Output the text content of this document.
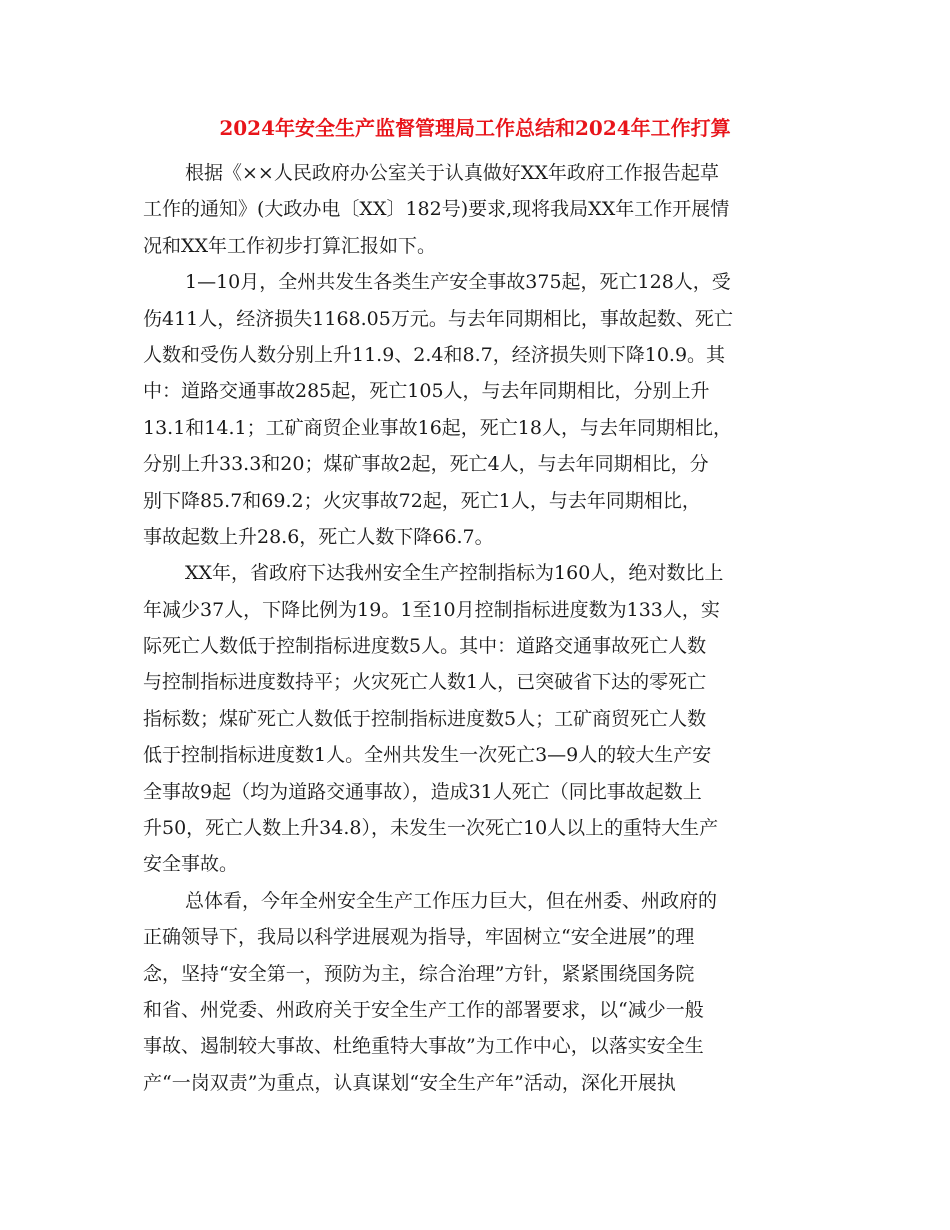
2024年安全生产监督管理局工作总结和2024年工作打算
根据《××人民政府办公室关于认真做好XX年政府工作报告起草
工作的通知》(大政办电〔XX〕182号)要求,现将我局XX年工作开展情
况和XX年工作初步打算汇报如下。
1—10月，全州共发生各类生产安全事故375起，死亡128人，受
伤411人，经济损失1168.05万元。与去年同期相比，事故起数、死亡
人数和受伤人数分别上升11.9、2.4和8.7，经济损失则下降10.9。其
中：道路交通事故285起，死亡105人，与去年同期相比，分别上升
13.1和14.1；工矿商贸企业事故16起，死亡18人，与去年同期相比，
分别上升33.3和20；煤矿事故2起，死亡4人，与去年同期相比，分
别下降85.7和69.2；火灾事故72起，死亡1人，与去年同期相比，
事故起数上升28.6，死亡人数下降66.7。
XX年，省政府下达我州安全生产控制指标为160人，绝对数比上
年减少37人，下降比例为19。1至10月控制指标进度数为133人，实
际死亡人数低于控制指标进度数5人。其中：道路交通事故死亡人数
与控制指标进度数持平；火灾死亡人数1人，已突破省下达的零死亡
指标数；煤矿死亡人数低于控制指标进度数5人；工矿商贸死亡人数
低于控制指标进度数1人。全州共发生一次死亡3—9人的较大生产安
全事故9起（均为道路交通事故），造成31人死亡（同比事故起数上
升50，死亡人数上升34.8），未发生一次死亡10人以上的重特大生产
安全事故。
总体看，今年全州安全生产工作压力巨大，但在州委、州政府的
正确领导下，我局以科学进展观为指导，牢固树立“安全进展”的理
念，坚持“安全第一，预防为主，综合治理”方针，紧紧围绕国务院
和省、州党委、州政府关于安全生产工作的部署要求，以“减少一般
事故、遏制较大事故、杜绝重特大事故”为工作中心，以落实安全生
产“一岗双责”为重点，认真谋划“安全生产年”活动，深化开展执
